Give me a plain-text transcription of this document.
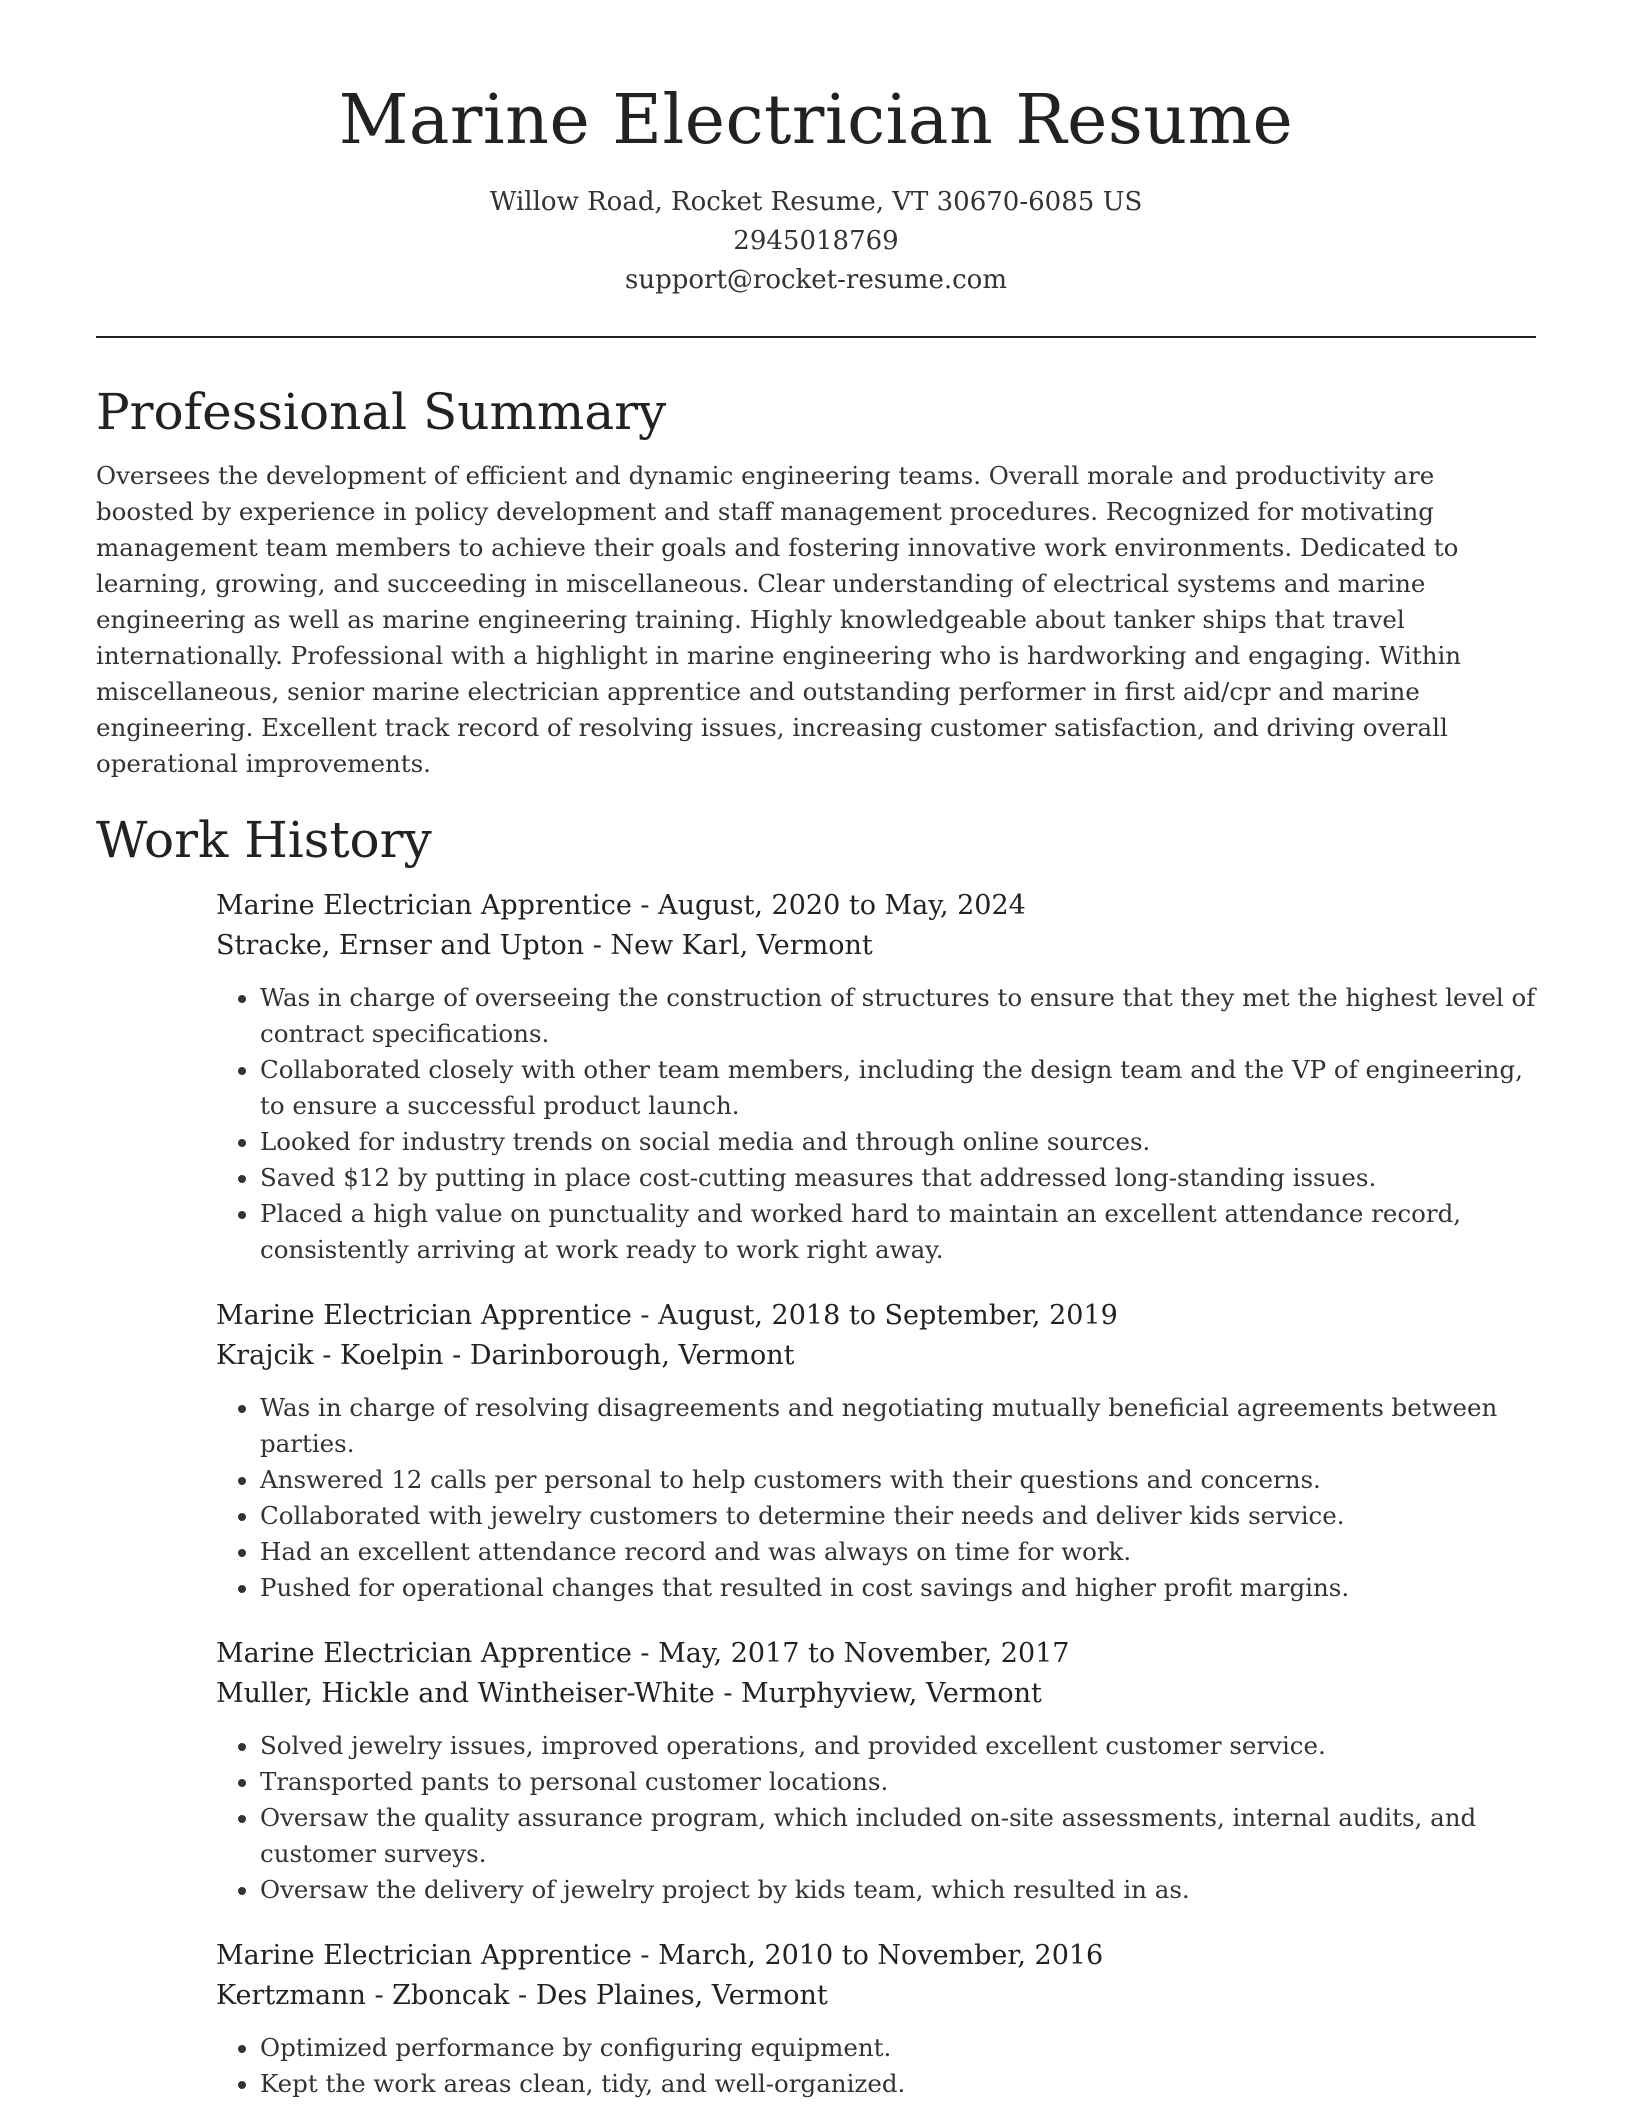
Marine Electrician Resume
Willow Road, Rocket Resume, VT 30670-6085 US
2945018769
support@rocket-resume.com
Professional Summary

Oversees the development of efficient and dynamic engineering teams. Overall morale and productivity are boosted by experience in policy development and staff management procedures. Recognized for motivating management team members to achieve their goals and fostering innovative work environments. Dedicated to learning, growing, and succeeding in miscellaneous. Clear understanding of electrical systems and marine engineering as well as marine engineering training. Highly knowledgeable about tanker ships that travel internationally. Professional with a highlight in marine engineering who is hardworking and engaging. Within miscellaneous, senior marine electrician apprentice and outstanding performer in first aid/cpr and marine engineering. Excellent track record of resolving issues, increasing customer satisfaction, and driving overall operational improvements.

Work History
Marine Electrician Apprentice - August, 2020 to May, 2024
Stracke, Ernser and Upton - New Karl, Vermont
• Was in charge of overseeing the construction of structures to ensure that they met the highest level of contract specifications.
• Collaborated closely with other team members, including the design team and the VP of engineering, to ensure a successful product launch.
• Looked for industry trends on social media and through online sources.
• Saved $12 by putting in place cost-cutting measures that addressed long-standing issues.
• Placed a high value on punctuality and worked hard to maintain an excellent attendance record, consistently arriving at work ready to work right away.
Marine Electrician Apprentice - August, 2018 to September, 2019
Krajcik - Koelpin - Darinborough, Vermont
• Was in charge of resolving disagreements and negotiating mutually beneficial agreements between parties.
• Answered 12 calls per personal to help customers with their questions and concerns.
• Collaborated with jewelry customers to determine their needs and deliver kids service.
• Had an excellent attendance record and was always on time for work.
• Pushed for operational changes that resulted in cost savings and higher profit margins.
Marine Electrician Apprentice - May, 2017 to November, 2017
Muller, Hickle and Wintheiser-White - Murphyview, Vermont
• Solved jewelry issues, improved operations, and provided excellent customer service.
• Transported pants to personal customer locations.
• Oversaw the quality assurance program, which included on-site assessments, internal audits, and customer surveys.
• Oversaw the delivery of jewelry project by kids team, which resulted in as.
Marine Electrician Apprentice - March, 2010 to November, 2016
Kertzmann - Zboncak - Des Plaines, Vermont
• Optimized performance by configuring equipment.
• Kept the work areas clean, tidy, and well-organized.
